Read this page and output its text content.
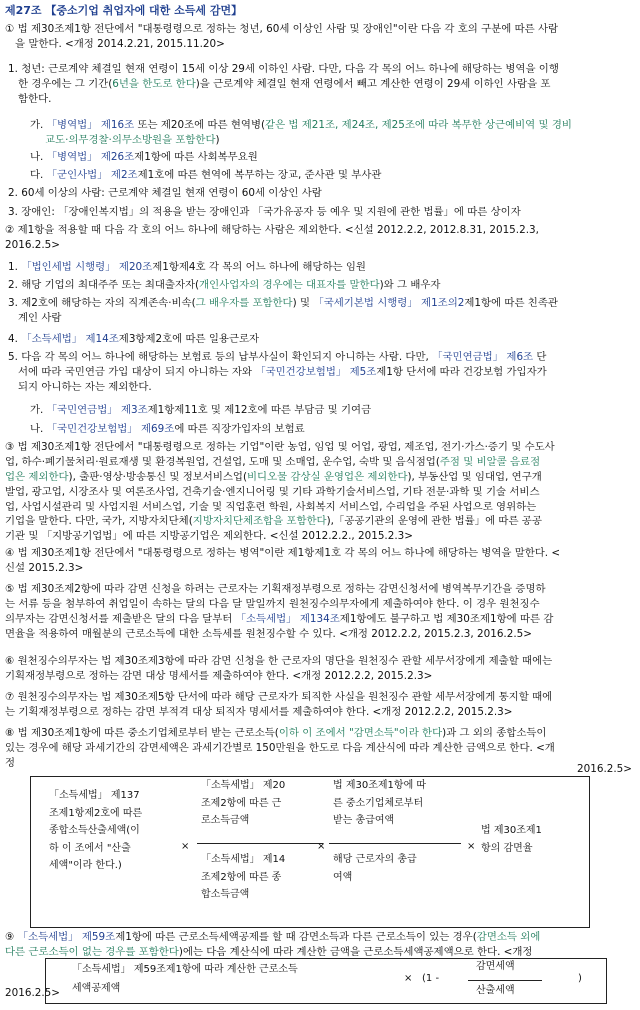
제27조 【중소기업 취업자에 대한 소득세 감면】

① 법 제30조제1항 전단에서 "대통령령으로 정하는 청년, 60세 이상인 사람 및 장애인"이란 다음 각 호의 구분에 따른 사람

을 말한다. <개정 2014.2.21, 2015.11.20>

1. 청년: 근로계약 체결일 현재 연령이 15세 이상 29세 이하인 사람. 다만, 다음 각 목의 어느 하나에 해당하는 병역을 이행

한 경우에는 그 기간(6년을 한도로 한다)을 근로계약 체결일 현재 연령에서 빼고 계산한 연령이 29세 이하인 사람을 포

함한다.

가. 「병역법」 제16조 또는 제20조에 따른 현역병(같은 법 제21조, 제24조, 제25조에 따라 복무한 상근예비역 및 경비

교도·의무경찰·의무소방원을 포함한다)

나. 「병역법」 제26조제1항에 따른 사회복무요원

다. 「군인사법」 제2조제1호에 따른 현역에 복무하는 장교, 준사관 및 부사관

2. 60세 이상의 사람: 근로계약 체결일 현재 연령이 60세 이상인 사람
3. 장애인: 「장애인복지법」의 적용을 받는 장애인과 「국가유공자 등 예우 및 지원에 관한 법률」에 따른 상이자

② 제1항을 적용할 때 다음 각 호의 어느 하나에 해당하는 사람은 제외한다. <신설 2012.2.2, 2012.8.31, 2015.2.3,

2016.2.5>

1. 「법인세법 시행령」 제20조제1항제4호 각 목의 어느 하나에 해당하는 임원
2. 해당 기업의 최대주주 또는 최대출자자(개인사업자의 경우에는 대표자를 말한다)와 그 배우자

3. 제2호에 해당하는 자의 직계존속·비속(그 배우자를 포함한다) 및 「국세기본법 시행령」 제1조의2제1항에 따른 친족관

계인 사람

4. 「소득세법」 제14조제3항제2호에 따른 일용근로자

5. 다음 각 목의 어느 하나에 해당하는 보험료 등의 납부사실이 확인되지 아니하는 사람. 다만, 「국민연금법」 제6조 단

서에 따라 국민연금 가입 대상이 되지 아니하는 자와 「국민건강보험법」 제5조제1항 단서에 따라 건강보험 가입자가

되지 아니하는 자는 제외한다.

가. 「국민연금법」 제3조제1항제11호 및 제12호에 따른 부담금 및 기여금
나. 「국민건강보험법」 제69조에 따른 직장가입자의 보험료

③ 법 제30조제1항 전단에서 "대통령령으로 정하는 기업"이란 농업, 임업 및 어업, 광업, 제조업, 전기·가스·증기 및 수도사

업, 하수·폐기물처리·원료재생 및 환경복원업, 건설업, 도매 및 소매업, 운수업, 숙박 및 음식점업(주점 및 비알콜 음료점

업은 제외한다), 출판·영상·방송통신 및 정보서비스업(비디오물 감상실 운영업은 제외한다), 부동산업 및 임대업, 연구개

발업, 광고업, 시장조사 및 여론조사업, 건축기술·엔지니어링 및 기타 과학기술서비스업, 기타 전문·과학 및 기술 서비스

업, 사업시설관리 및 사업지원 서비스업, 기술 및 직업훈련 학원, 사회복지 서비스업, 수리업을 주된 사업으로 영위하는

기업을 말한다. 다만, 국가, 지방자치단체(지방자치단체조합을 포함한다),「공공기관의 운영에 관한 법률」에 따른 공공

기관 및 「지방공기업법」에 따른 지방공기업은 제외한다. <신설 2012.2.2., 2015.2.3>

④ 법 제30조제1항 전단에서 "대통령령으로 정하는 병역"이란 제1항제1호 각 목의 어느 하나에 해당하는 병역을 말한다. <

신설 2015.2.3>

⑤ 법 제30조제2항에 따라 감면 신청을 하려는 근로자는 기획재정부령으로 정하는 감면신청서에 병역복무기간을 증명하

는 서류 등을 첨부하여 취업일이 속하는 달의 다음 달 말일까지 원천징수의무자에게 제출하여야 한다. 이 경우 원천징수

의무자는 감면신청서를 제출받은 달의 다음 달부터 「소득세법」 제134조제1항에도 불구하고 법 제30조제1항에 따른 감

면율을 적용하여 매월분의 근로소득에 대한 소득세를 원천징수할 수 있다. <개정 2012.2.2, 2015.2.3, 2016.2.5>

⑥ 원천징수의무자는 법 제30조제3항에 따라 감면 신청을 한 근로자의 명단을 원천징수 관할 세무서장에게 제출할 때에는

기획재정부령으로 정하는 감면 대상 명세서를 제출하여야 한다. <개정 2012.2.2, 2015.2.3>

⑦ 원천징수의무자는 법 제30조제5항 단서에 따라 해당 근로자가 퇴직한 사실을 원천징수 관할 세무서장에게 통지할 때에

는 기획재정부령으로 정하는 감면 부적격 대상 퇴직자 명세서를 제출하여야 한다. <개정 2012.2.2, 2015.2.3>

⑧ 법 제30조제1항에 따른 중소기업체로부터 받는 근로소득(이하 이 조에서 "감면소득"이라 한다)과 그 외의 종합소득이

있는 경우에 해당 과세기간의 감면세액은 과세기간별로 150만원을 한도로 다음 계산식에 따라 계산한 금액으로 한다. <개

정

2016.2.5>

「소득세법」 제137

조제1항제2호에 따른

종합소득산출세액(이

하 이 조에서 "산출

세액"이라 한다.)

×

「소득세법」 제20

조제2항에 따른 근

로소득금액

「소득세법」 제14

조제2항에 따른 종

합소득금액

×

법 제30조제1항에 따

른 중소기업체로부터

받는 총급여액

해당 근로자의 총급

여액

×

법 제30조제1

항의 감면율

⑨ 「소득세법」 제59조제1항에 따른 근로소득세액공제를 할 때 감면소득과 다른 근로소득이 있는 경우(감면소득 외에

다른 근로소득이 없는 경우를 포함한다)에는 다음 계산식에 따라 계산한 금액을 근로소득세액공제액으로 한다. <개정

2016.2.5>

「소득세법」 제59조제1항에 따라 계산한 근로소득

세액공제액

× (1 -
감면세액
산출세액
)
